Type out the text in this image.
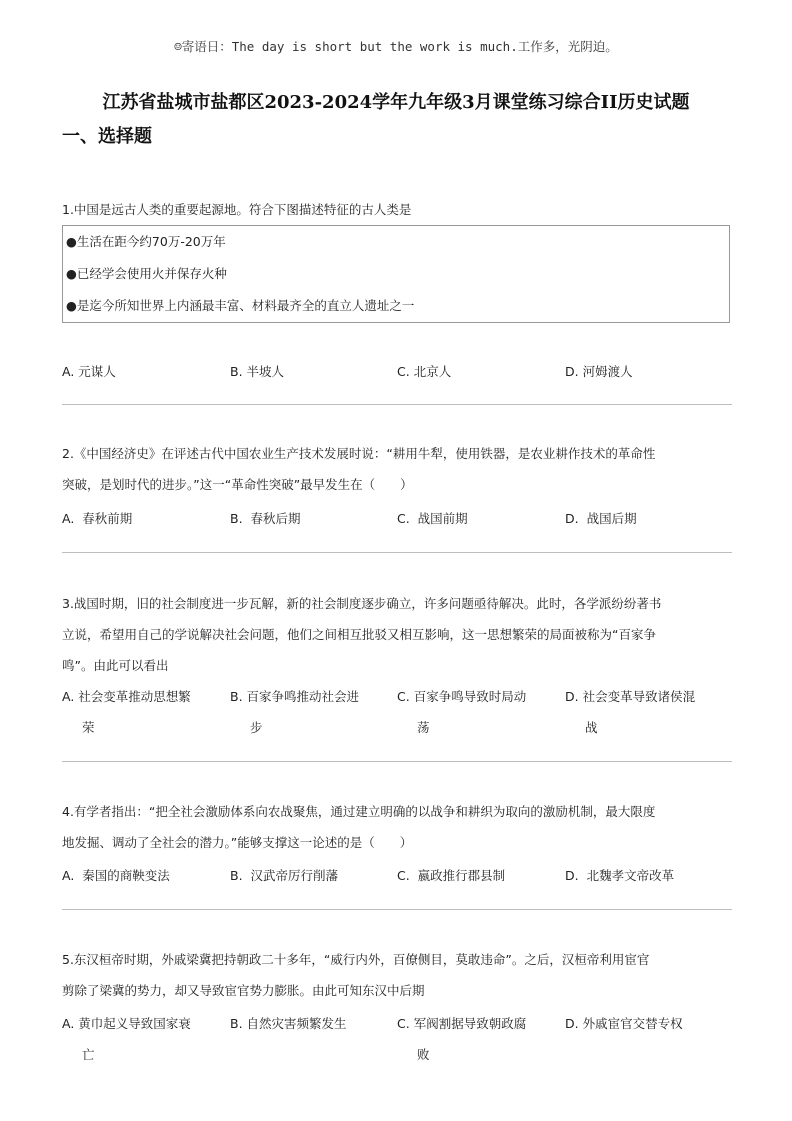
☺寄语日：The day is short but the work is much.工作多，光阴迫。
江苏省盐城市盐都区2023-2024学年九年级3月课堂练习综合II历史试题
一、选择题
1.中国是远古人类的重要起源地。符合下图描述特征的古人类是
●生活在距今约70万-20万年
●已经学会使用火并保存火种
●是迄今所知世界上内涵最丰富、材料最齐全的直立人遗址之一
A. 元谋人	B. 半坡人	C. 北京人	D. 河姆渡人
2.《中国经济史》在评述古代中国农业生产技术发展时说：“耕用牛犁，使用铁器，是农业耕作技术的革命性
突破，是划时代的进步。”这一“革命性突破”最早发生在（　　）
A. 春秋前期	B. 春秋后期	C. 战国前期	D. 战国后期
3.战国时期，旧的社会制度进一步瓦解，新的社会制度逐步确立，许多问题亟待解决。此时，各学派纷纷著书
立说，希望用自己的学说解决社会问题，他们之间相互批驳又相互影响，这一思想繁荣的局面被称为“百家争
鸣”。由此可以看出
A. 社会变革推动思想繁
荣
B. 百家争鸣推动社会进
步
C. 百家争鸣导致时局动
荡
D. 社会变革导致诸侯混
战
4.有学者指出：“把全社会激励体系向农战聚焦，通过建立明确的以战争和耕织为取向的激励机制，最大限度
地发掘、调动了全社会的潜力。”能够支撑这一论述的是（　　）
A. 秦国的商鞅变法	B. 汉武帝厉行削藩	C. 嬴政推行郡县制	D. 北魏孝文帝改革
5.东汉桓帝时期，外戚梁冀把持朝政二十多年，“威行内外，百僚侧目，莫敢违命”。之后，汉桓帝利用宦官
剪除了梁冀的势力，却又导致宦官势力膨胀。由此可知东汉中后期
A. 黄巾起义导致国家衰
亡
B. 自然灾害频繁发生	C. 军阀割据导致朝政腐
败
D. 外戚宦官交替专权
